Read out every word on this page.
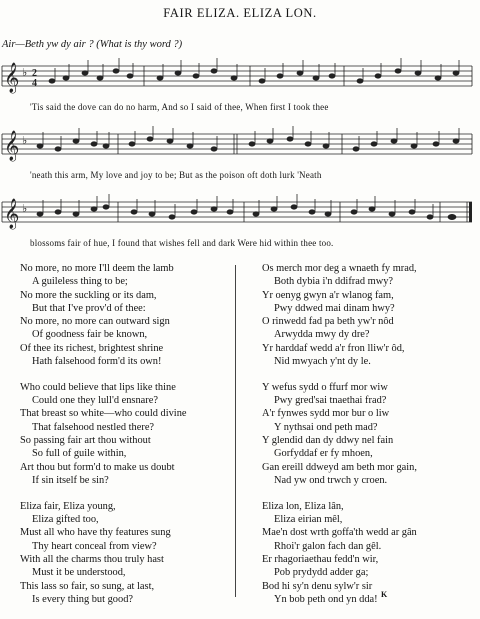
FAIR ELIZA. ELIZA LON.
Air—Beth yw dy air ? (What is thy word ?)
𝄞 ♭ 2
4
'Tis said the dove can do no harm, And so I said of thee, When first I took thee
𝄞 ♭
'neath this arm, My love and joy to be; But as the poison oft doth lurk 'Neath
𝄞 ♭
blossoms fair of hue, I found that wishes fell and dark Were hid within thee too.
No more, no more I'll deem the lamb
A guileless thing to be;
No more the suckling or its dam,
But that I've prov'd of thee:
No more, no more can outward sign
Of goodness fair be known,
Of thee its richest, brightest shrine
Hath falsehood form'd its own!
Who could believe that lips like thine
Could one they lull'd ensnare?
That breast so white—who could divine
That falsehood nestled there?
So passing fair art thou without
So full of guile within,
Art thou but form'd to make us doubt
If sin itself be sin?
Eliza fair, Eliza young,
Eliza gifted too,
Must all who have thy features sung
Thy heart conceal from view?
With all the charms thou truly hast
Must it be understood,
This lass so fair, so sung, at last,
Is every thing but good?
Os merch mor deg a wnaeth fy mrad,
Both dybia i'n ddifrad mwy?
Yr oenyg gwyn a'r wlanog fam,
Pwy ddwed mai dinam hwy?
O rinwedd fad pa beth yw'r nôd
Arwydda mwy dy dre?
Yr harddaf wedd a'r fron lliw'r ôd,
Nid mwyach y'nt dy le.
Y wefus sydd o ffurf mor wiw
Pwy gred'sai tnaethai frad?
A'r fynwes sydd mor bur o liw
Y nythsai ond peth mad?
Y glendid dan dy ddwy nel fain
Gorfyddaf er fy mhoen,
Gan ereill ddweyd am beth mor gain,
Nad yw ond trwch y croen.
Eliza lon, Eliza lân,
Eliza eirian mêl,
Mae'n dost wrth goffa'th wedd ar gân
Rhoi'r galon fach dan gêl.
Er rhagoriaethau fedd'n wir,
Pob prydydd adder ga;
Bod hi sy'n denu sylw'r sir
Yn bob peth ond yn dda! K
